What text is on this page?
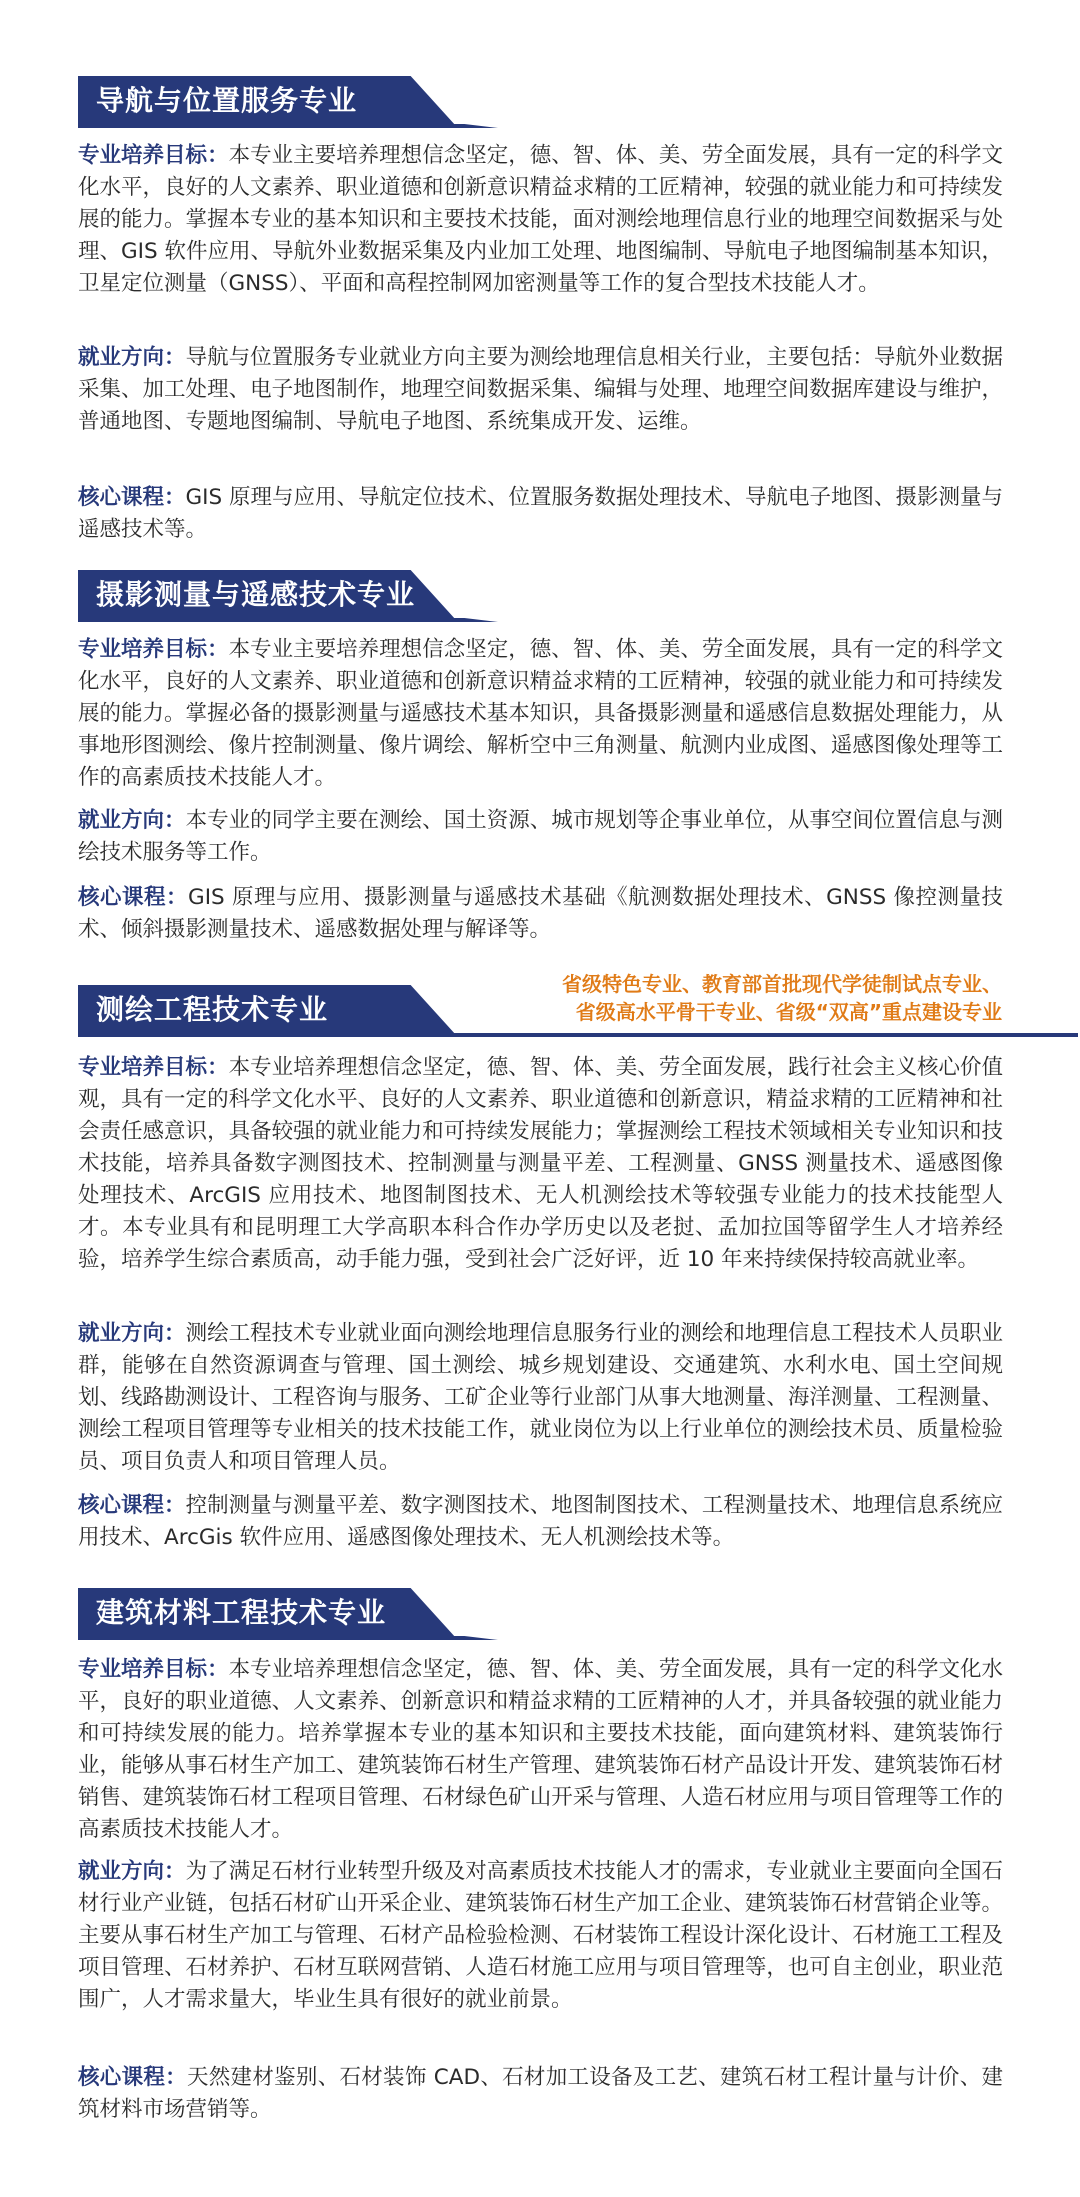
导航与位置服务专业
专业培养目标：本专业主要培养理想信念坚定，德、智、体、美、劳全面发展，具有一定的科学文化水平，良好的人文素养、职业道德和创新意识精益求精的工匠精神，较强的就业能力和可持续发展的能力。掌握本专业的基本知识和主要技术技能，面对测绘地理信息行业的地理空间数据采与处理、GIS 软件应用、导航外业数据采集及内业加工处理、地图编制、导航电子地图编制基本知识，卫星定位测量（GNSS）、平面和高程控制网加密测量等工作的复合型技术技能人才。
就业方向：导航与位置服务专业就业方向主要为测绘地理信息相关行业，主要包括：导航外业数据采集、加工处理、电子地图制作，地理空间数据采集、编辑与处理、地理空间数据库建设与维护，普通地图、专题地图编制、导航电子地图、系统集成开发、运维。
核心课程：GIS 原理与应用、导航定位技术、位置服务数据处理技术、导航电子地图、摄影测量与遥感技术等。
摄影测量与遥感技术专业
专业培养目标：本专业主要培养理想信念坚定，德、智、体、美、劳全面发展，具有一定的科学文化水平，良好的人文素养、职业道德和创新意识精益求精的工匠精神，较强的就业能力和可持续发展的能力。掌握必备的摄影测量与遥感技术基本知识，具备摄影测量和遥感信息数据处理能力，从事地形图测绘、像片控制测量、像片调绘、解析空中三角测量、航测内业成图、遥感图像处理等工作的高素质技术技能人才。
就业方向：本专业的同学主要在测绘、国土资源、城市规划等企事业单位，从事空间位置信息与测绘技术服务等工作。
核心课程：GIS 原理与应用、摄影测量与遥感技术基础《航测数据处理技术、GNSS 像控测量技术、倾斜摄影测量技术、遥感数据处理与解译等。
省级特色专业、教育部首批现代学徒制试点专业、
省级高水平骨干专业、省级“双高”重点建设专业
测绘工程技术专业
专业培养目标：本专业培养理想信念坚定，德、智、体、美、劳全面发展，践行社会主义核心价值观，具有一定的科学文化水平、良好的人文素养、职业道德和创新意识，精益求精的工匠精神和社会责任感意识，具备较强的就业能力和可持续发展能力；掌握测绘工程技术领域相关专业知识和技术技能，培养具备数字测图技术、控制测量与测量平差、工程测量、GNSS 测量技术、遥感图像处理技术、ArcGIS 应用技术、地图制图技术、无人机测绘技术等较强专业能力的技术技能型人才。本专业具有和昆明理工大学高职本科合作办学历史以及老挝、孟加拉国等留学生人才培养经验，培养学生综合素质高，动手能力强，受到社会广泛好评，近 10 年来持续保持较高就业率。
就业方向：测绘工程技术专业就业面向测绘地理信息服务行业的测绘和地理信息工程技术人员职业群，能够在自然资源调查与管理、国土测绘、城乡规划建设、交通建筑、水利水电、国土空间规划、线路勘测设计、工程咨询与服务、工矿企业等行业部门从事大地测量、海洋测量、工程测量、测绘工程项目管理等专业相关的技术技能工作，就业岗位为以上行业单位的测绘技术员、质量检验员、项目负责人和项目管理人员。
核心课程：控制测量与测量平差、数字测图技术、地图制图技术、工程测量技术、地理信息系统应用技术、ArcGis 软件应用、遥感图像处理技术、无人机测绘技术等。
建筑材料工程技术专业
专业培养目标：本专业培养理想信念坚定，德、智、体、美、劳全面发展，具有一定的科学文化水平，良好的职业道德、人文素养、创新意识和精益求精的工匠精神的人才，并具备较强的就业能力和可持续发展的能力。培养掌握本专业的基本知识和主要技术技能，面向建筑材料、建筑装饰行业，能够从事石材生产加工、建筑装饰石材生产管理、建筑装饰石材产品设计开发、建筑装饰石材销售、建筑装饰石材工程项目管理、石材绿色矿山开采与管理、人造石材应用与项目管理等工作的高素质技术技能人才。
就业方向：为了满足石材行业转型升级及对高素质技术技能人才的需求，专业就业主要面向全国石材行业产业链，包括石材矿山开采企业、建筑装饰石材生产加工企业、建筑装饰石材营销企业等。主要从事石材生产加工与管理、石材产品检验检测、石材装饰工程设计深化设计、石材施工工程及项目管理、石材养护、石材互联网营销、人造石材施工应用与项目管理等，也可自主创业，职业范围广，人才需求量大，毕业生具有很好的就业前景。
核心课程：天然建材鉴别、石材装饰 CAD、石材加工设备及工艺、建筑石材工程计量与计价、建筑材料市场营销等。
